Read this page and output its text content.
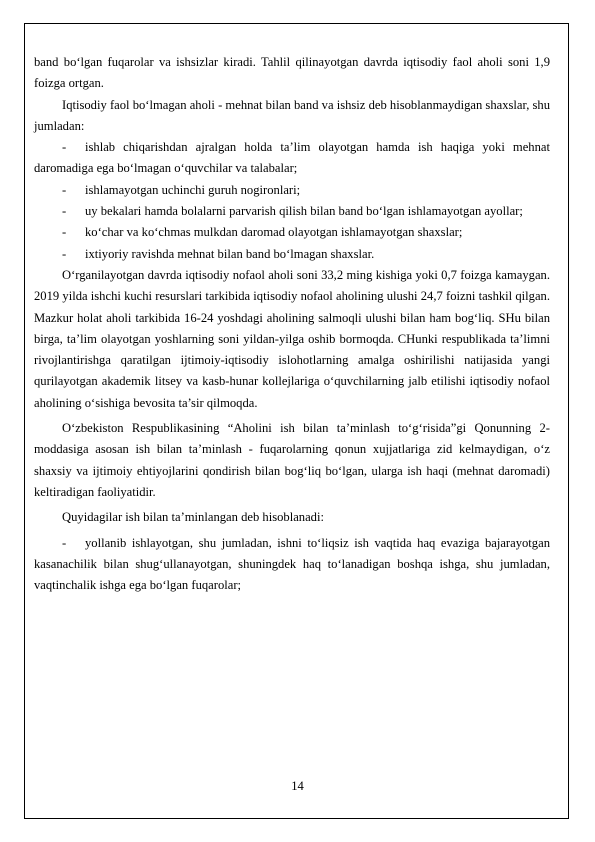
band bo‘lgan fuqarolar va ishsizlar kiradi. Tahlil qilinayotgan davrda iqtisodiy faol aholi soni 1,9 foizga ortgan.

Iqtisodiy faol bo‘lmagan aholi - mehnat bilan band va ishsiz deb hisoblanmaydigan shaxslar, shu jumladan:

- ishlab chiqarishdan ajralgan holda ta’lim olayotgan hamda ish haqiga yoki mehnat daromadiga ega bo‘lmagan o‘quvchilar va talabalar;

- ishlamayotgan uchinchi guruh nogironlari;

- uy bekalari hamda bolalarni parvarish qilish bilan band bo‘lgan ishlamayotgan ayollar;

- ko‘char va ko‘chmas mulkdan daromad olayotgan ishlamayotgan shaxslar;

- ixtiyoriy ravishda mehnat bilan band bo‘lmagan shaxslar.

O‘rganilayotgan davrda iqtisodiy nofaol aholi soni 33,2 ming kishiga yoki 0,7 foizga kamaygan. 2019 yilda ishchi kuchi resurslari tarkibida iqtisodiy nofaol aholining ulushi 24,7 foizni tashkil qilgan. Mazkur holat aholi tarkibida 16-24 yoshdagi aholining salmoqli ulushi bilan ham bog‘liq. SHu bilan birga, ta’lim olayotgan yoshlarning soni yildan-yilga oshib bormoqda. CHunki respublikada ta’limni rivojlantirishga qaratilgan ijtimoiy-iqtisodiy islohotlarning amalga oshirilishi natijasida yangi qurilayotgan akademik litsey va kasb-hunar kollejlariga o‘quvchilarning jalb etilishi iqtisodiy nofaol aholining o‘sishiga bevosita ta’sir qilmoqda.

O‘zbekiston Respublikasining “Aholini ish bilan ta’minlash to‘g‘risida”gi Qonunning 2-moddasiga asosan ish bilan ta’minlash - fuqarolarning qonun xujjatlariga zid kelmaydigan, o‘z shaxsiy va ijtimoiy ehtiyojlarini qondirish bilan bog‘liq bo‘lgan, ularga ish haqi (mehnat daromadi) keltiradigan faoliyatidir.

Quyidagilar ish bilan ta’minlangan deb hisoblanadi:

- yollanib ishlayotgan, shu jumladan, ishni to‘liqsiz ish vaqtida haq evaziga bajarayotgan kasanachilik bilan shug‘ullanayotgan, shuningdek haq to‘lanadigan boshqa ishga, shu jumladan, vaqtinchalik ishga ega bo‘lgan fuqarolar;

14
